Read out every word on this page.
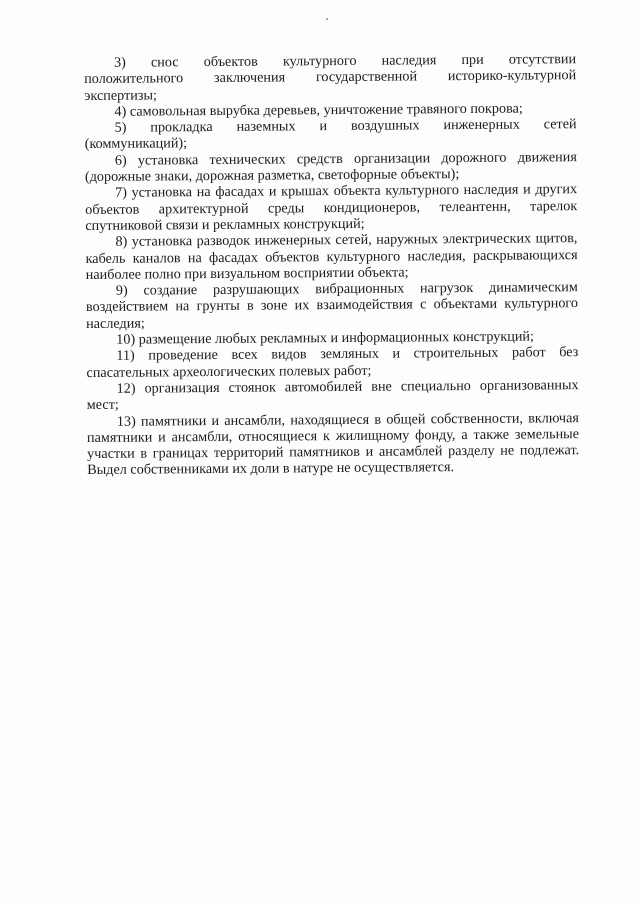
3) снос объектов культурного наследия при отсутствии положительного заключения государственной историко-культурной экспертизы;

4) самовольная вырубка деревьев, уничтожение травяного покрова;

5) прокладка наземных и воздушных инженерных сетей (коммуникаций);

6) установка технических средств организации дорожного движения (дорожные знаки, дорожная разметка, светофорные объекты);

7) установка на фасадах и крышах объекта культурного наследия и других объектов архитектурной среды кондиционеров, телеантенн, тарелок спутниковой связи и рекламных конструкций;

8) установка разводок инженерных сетей, наружных электрических щитов, кабель каналов на фасадах объектов культурного наследия, раскрывающихся наиболее полно при визуальном восприятии объекта;

9) создание разрушающих вибрационных нагрузок динамическим воздействием на грунты в зоне их взаимодействия с объектами культурного наследия;

10) размещение любых рекламных и информационных конструкций;

11) проведение всех видов земляных и строительных работ без спасательных археологических полевых работ;

12) организация стоянок автомобилей вне специально организованных мест;

13) памятники и ансамбли, находящиеся в общей собственности, включая памятники и ансамбли, относящиеся к жилищному фонду, а также земельные участки в границах территорий памятников и ансамблей разделу не подлежат. Выдел собственниками их доли в натуре не осуществляется.
